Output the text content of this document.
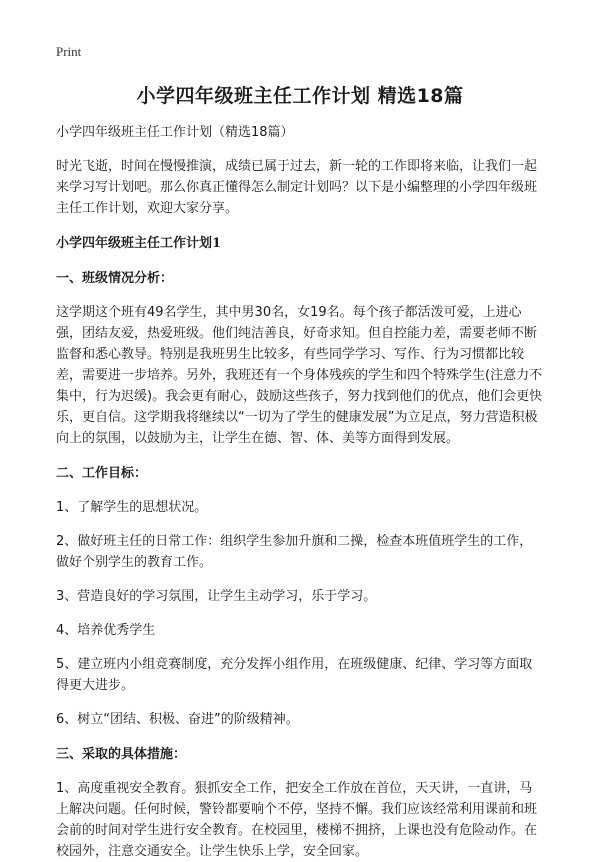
Print
小学四年级班主任工作计划 精选18篇

小学四年级班主任工作计划（精选18篇）

时光飞逝，时间在慢慢推演，成绩已属于过去，新一轮的工作即将来临，让我们一起来学习写计划吧。那么你真正懂得怎么制定计划吗？以下是小编整理的小学四年级班主任工作计划，欢迎大家分享。

小学四年级班主任工作计划1
一、班级情况分析：

这学期这个班有49名学生，其中男30名，女19名。每个孩子都活泼可爱，上进心强，团结友爱，热爱班级。他们纯洁善良，好奇求知。但自控能力差，需要老师不断监督和悉心教导。特别是我班男生比较多，有些同学学习、写作、行为习惯都比较差，需要进一步培养。另外，我班还有一个身体残疾的学生和四个特殊学生(注意力不集中，行为迟缓)。我会更有耐心，鼓励这些孩子，努力找到他们的优点，他们会更快乐，更自信。这学期我将继续以“一切为了学生的健康发展”为立足点，努力营造积极向上的氛围，以鼓励为主，让学生在德、智、体、美等方面得到发展。

二、工作目标：

1、了解学生的思想状况。

2、做好班主任的日常工作：组织学生参加升旗和二操，检查本班值班学生的工作，做好个别学生的教育工作。

3、营造良好的学习氛围，让学生主动学习，乐于学习。

4、培养优秀学生

5、建立班内小组竞赛制度，充分发挥小组作用，在班级健康、纪律、学习等方面取得更大进步。

6、树立“团结、积极、奋进”的阶级精神。

三、采取的具体措施：

1、高度重视安全教育。狠抓安全工作，把安全工作放在首位，天天讲，一直讲，马上解决问题。任何时候，警铃都要响个不停，坚持不懈。我们应该经常利用课前和班会前的时间对学生进行安全教育。在校园里，楼梯不拥挤，上课也没有危险动作。在校园外，注意交通安全。让学生快乐上学，安全回家。
